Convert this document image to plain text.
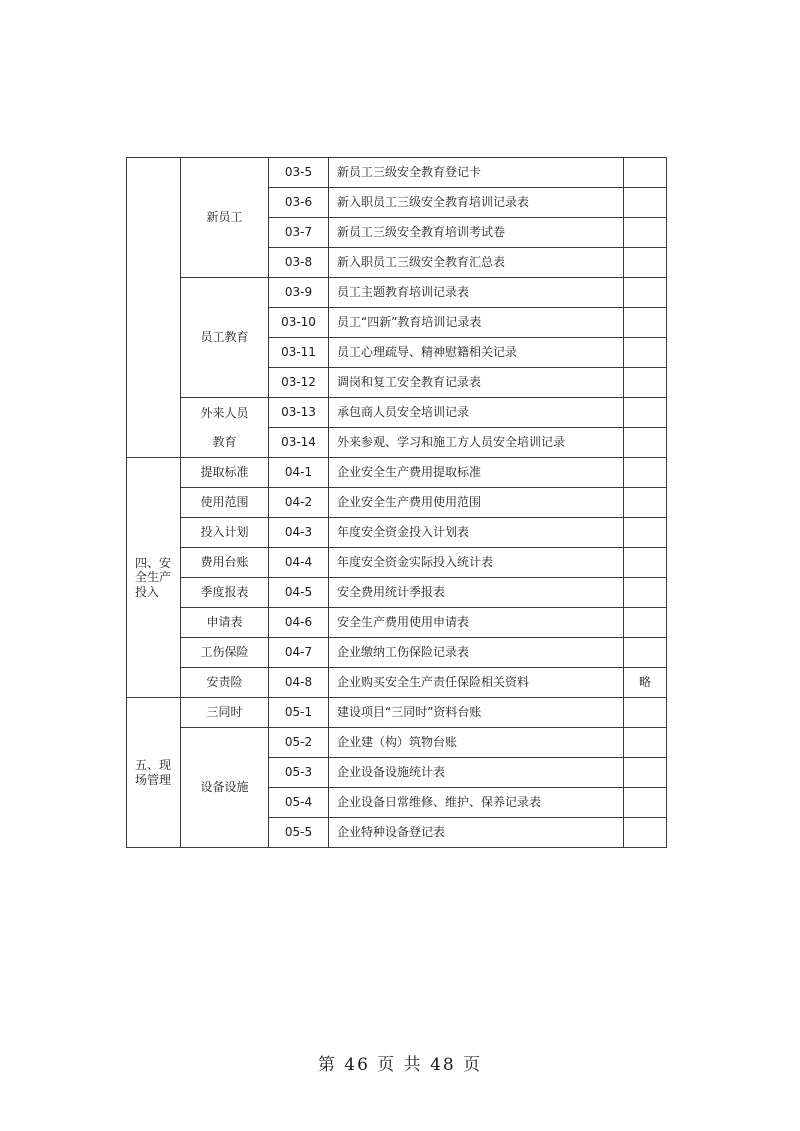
	新员工	03-5	新员工三级安全教育登记卡	
		03-6	新入职员工三级安全教育培训记录表	
		03-7	新员工三级安全教育培训考试卷	
		03-8	新入职员工三级安全教育汇总表	
	员工教育	03-9	员工主题教育培训记录表	
		03-10	员工“四新”教育培训记录表	
		03-11	员工心理疏导、精神慰籍相关记录	
		03-12	调岗和复工安全教育记录表	
	外来人员	03-13	承包商人员安全培训记录	
	教育	03-14	外来参观、学习和施工方人员安全培训记录	
四、安全生产投入	提取标准	04-1	企业安全生产费用提取标准	
	使用范围	04-2	企业安全生产费用使用范围	
	投入计划	04-3	年度安全资金投入计划表	
	费用台账	04-4	年度安全资金实际投入统计表	
	季度报表	04-5	安全费用统计季报表	
	申请表	04-6	安全生产费用使用申请表	
	工伤保险	04-7	企业缴纳工伤保险记录表	
	安责险	04-8	企业购买安全生产责任保险相关资料	略
五、现场管理	三同时	05-1	建设项目“三同时”资料台账	
	设备设施	05-2	企业建（构）筑物台账	
		05-3	企业设备设施统计表	
		05-4	企业设备日常维修、维护、保养记录表	
		05-5	企业特种设备登记表	
第 46 页 共 48 页
